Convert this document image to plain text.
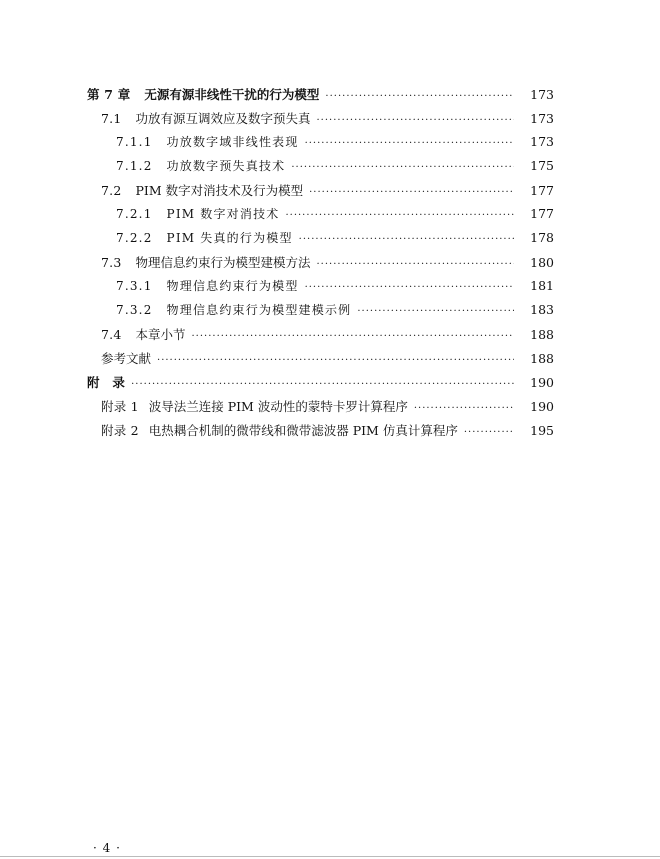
第 7 章 无源有源非线性干扰的行为模型 ·····	173
7.1 功放有源互调效应及数字预失真 ·····	173
7.1.1 功放数字域非线性表现 ·····	173
7.1.2 功放数字预失真技术 ·····	175
7.2 PIM 数字对消技术及行为模型 ·····	177
7.2.1 PIM 数字对消技术 ·····	177
7.2.2 PIM 失真的行为模型 ·····	178
7.3 物理信息约束行为模型建模方法 ·····	180
7.3.1 物理信息约束行为模型 ·····	181
7.3.2 物理信息约束行为模型建模示例 ·····	183
7.4 本章小节 ·····	188
参考文献 ·····	188
附　录 ·····	190
附录 1 波导法兰连接 PIM 波动性的蒙特卡罗计算程序 ·····	190
附录 2 电热耦合机制的微带线和微带滤波器 PIM 仿真计算程序 ·····	195
· 4 ·
